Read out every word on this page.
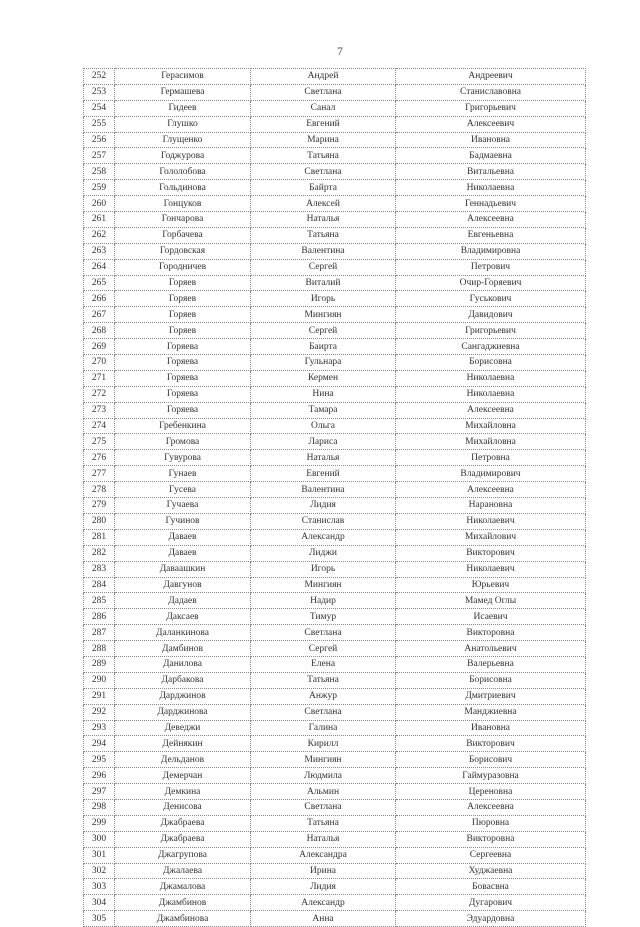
7
252	Герасимов	Андрей	Андреевич
253	Гермашева	Светлана	Станиславовна
254	Гидеев	Санал	Григорьевич
255	Глушко	Евгений	Алексеевич
256	Глущенко	Марина	Ивановна
257	Годжурова	Татьяна	Бадмаевна
258	Гололобова	Светлана	Витальевна
259	Гольдинова	Байрта	Николаевна
260	Гонцуков	Алексей	Геннадьевич
261	Гончарова	Наталья	Алексеевна
262	Горбачева	Татьяна	Евгеньевна
263	Гордовская	Валентина	Владимировна
264	Городничев	Сергей	Петрович
265	Горяев	Виталий	Очир-Горяевич
266	Горяев	Игорь	Гуськович
267	Горяев	Мингиян	Давидович
268	Горяев	Сергей	Григорьевич
269	Горяева	Баирта	Сангаджиевна
270	Горяева	Гульнара	Борисовна
271	Горяева	Кермен	Николаевна
272	Горяева	Нина	Николаевна
273	Горяева	Тамара	Алексеевна
274	Гребенкина	Ольга	Михайловна
275	Громова	Лариса	Михайловна
276	Гувурова	Наталья	Петровна
277	Гунаев	Евгений	Владимирович
278	Гусева	Валентина	Алексеевна
279	Гучаева	Лидия	Нарановна
280	Гучинов	Станислав	Николаевич
281	Даваев	Александр	Михайлович
282	Даваев	Лиджи	Викторович
283	Даваашкин	Игорь	Николаевич
284	Давгунов	Мингиян	Юрьевич
285	Дадаев	Надир	Мамед Оглы
286	Даксаев	Тимур	Исаевич
287	Даланкинова	Светлана	Викторовна
288	Дамбинов	Сергей	Анатольевич
289	Данилова	Елена	Валерьевна
290	Дарбакова	Татьяна	Борисовна
291	Дарджинов	Анжур	Дмитриевич
292	Дарджинова	Светлана	Манджиевна
293	Деведжи	Галина	Ивановна
294	Дейнякин	Кирилл	Викторович
295	Дельданов	Мингиян	Борисович
296	Демерчан	Людмила	Гаймуразовна
297	Демкина	Альмин	Цереновна
298	Денисова	Светлана	Алексеевна
299	Джабраева	Татьяна	Пюровна
300	Джабраева	Наталья	Викторовна
301	Джагрупова	Александра	Сергеевна
302	Джалаева	Ирина	Худжаевна
303	Джамалова	Лидия	Бовасвна
304	Джамбинов	Александр	Дугарович
305	Джамбинова	Анна	Эдуардовна
